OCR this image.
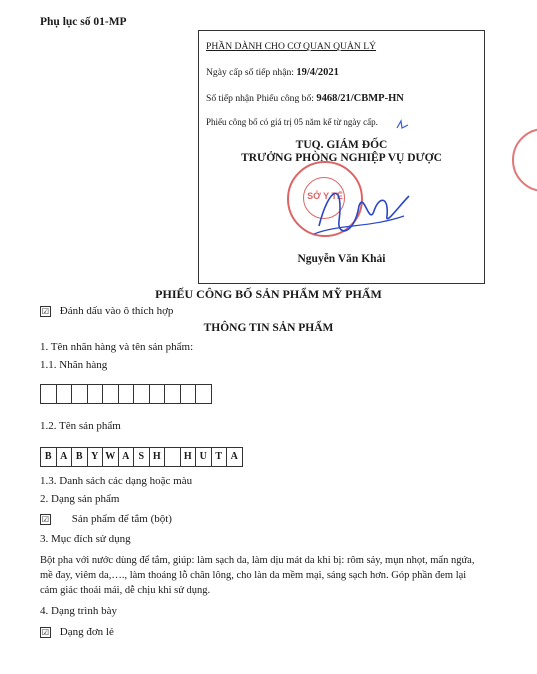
Phụ lục số 01-MP
PHẦN DÀNH CHO CƠ QUAN QUẢN LÝ
Ngày cấp số tiếp nhận: 19/4/2021
Số tiếp nhận Phiếu công bố: 9468/21/CBMP-HN
Phiếu công bố có giá trị 05 năm kể từ ngày cấp.
TUQ. GIÁM ĐỐC
TRƯỞNG PHÒNG NGHIỆP VỤ DƯỢC
SỞ Y TẾ
Nguyễn Văn Khải
PHIẾU CÔNG BỐ SẢN PHẨM MỸ PHẨM
☑ Đánh dấu vào ô thích hợp
THÔNG TIN SẢN PHẨM
1. Tên nhãn hàng và tên sản phẩm:
1.1. Nhãn hàng
1.2. Tên sản phẩm
B A B Y W A S H	H U T A
1.3. Danh sách các dạng hoặc màu
2. Dạng sản phẩm
☑ Sản phẩm để tắm (bột)
3. Mục đích sử dụng
Bột pha với nước dùng để tắm, giúp: làm sạch da, làm dịu mát da khi bị: rôm sảy, mụn nhọt, mẩn ngứa, mề đay, viêm da,…., làm thoáng lỗ chân lông, cho làn da mềm mại, sáng sạch hơn. Góp phần đem lại cảm giác thoải mái, dễ chịu khi sử dụng.
4. Dạng trình bày
☑ Dạng đơn lẻ
